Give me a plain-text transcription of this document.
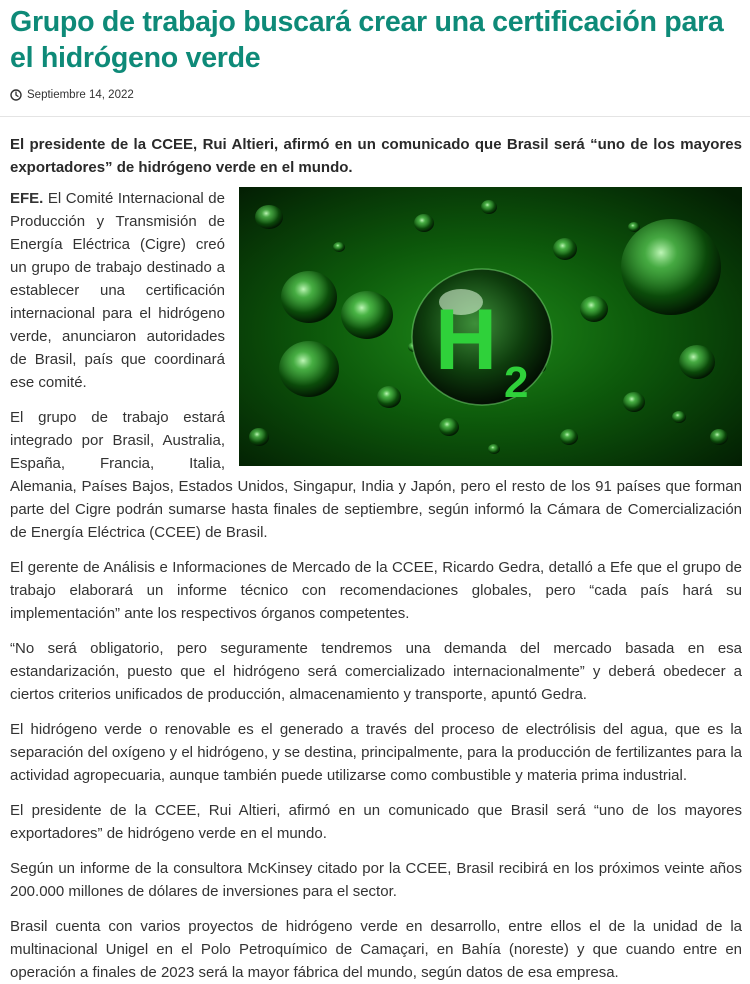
Grupo de trabajo buscará crear una certificación para el hidrógeno verde
Septiembre 14, 2022

El presidente de la CCEE, Rui Altieri, afirmó en un comunicado que Brasil será “uno de los mayores exportadores” de hidrógeno verde en el mundo.

H 2

EFE. El Comité Internacional de Producción y Transmisión de Energía Eléctrica (Cigre) creó un grupo de trabajo destinado a establecer una certificación internacional para el hidrógeno verde, anunciaron autoridades de Brasil, país que coordinará ese comité.

El grupo de trabajo estará integrado por Brasil, Australia, España, Francia, Italia, Alemania, Países Bajos, Estados Unidos, Singapur, India y Japón, pero el resto de los 91 países que forman parte del Cigre podrán sumarse hasta finales de septiembre, según informó la Cámara de Comercialización de Energía Eléctrica (CCEE) de Brasil.

El gerente de Análisis e Informaciones de Mercado de la CCEE, Ricardo Gedra, detalló a Efe que el grupo de trabajo elaborará un informe técnico con recomendaciones globales, pero “cada país hará su implementación” ante los respectivos órganos competentes.

“No será obligatorio, pero seguramente tendremos una demanda del mercado basada en esa estandarización, puesto que el hidrógeno será comercializado internacionalmente” y deberá obedecer a ciertos criterios unificados de producción, almacenamiento y transporte, apuntó Gedra.

El hidrógeno verde o renovable es el generado a través del proceso de electrólisis del agua, que es la separación del oxígeno y el hidrógeno, y se destina, principalmente, para la producción de fertilizantes para la actividad agropecuaria, aunque también puede utilizarse como combustible y materia prima industrial.

El presidente de la CCEE, Rui Altieri, afirmó en un comunicado que Brasil será “uno de los mayores exportadores” de hidrógeno verde en el mundo.

Según un informe de la consultora McKinsey citado por la CCEE, Brasil recibirá en los próximos veinte años 200.000 millones de dólares de inversiones para el sector.

Brasil cuenta con varios proyectos de hidrógeno verde en desarrollo, entre ellos el de la unidad de la multinacional Unigel en el Polo Petroquímico de Camaçari, en Bahía (noreste) y que cuando entre en operación a finales de 2023 será la mayor fábrica del mundo, según datos de esa empresa.
